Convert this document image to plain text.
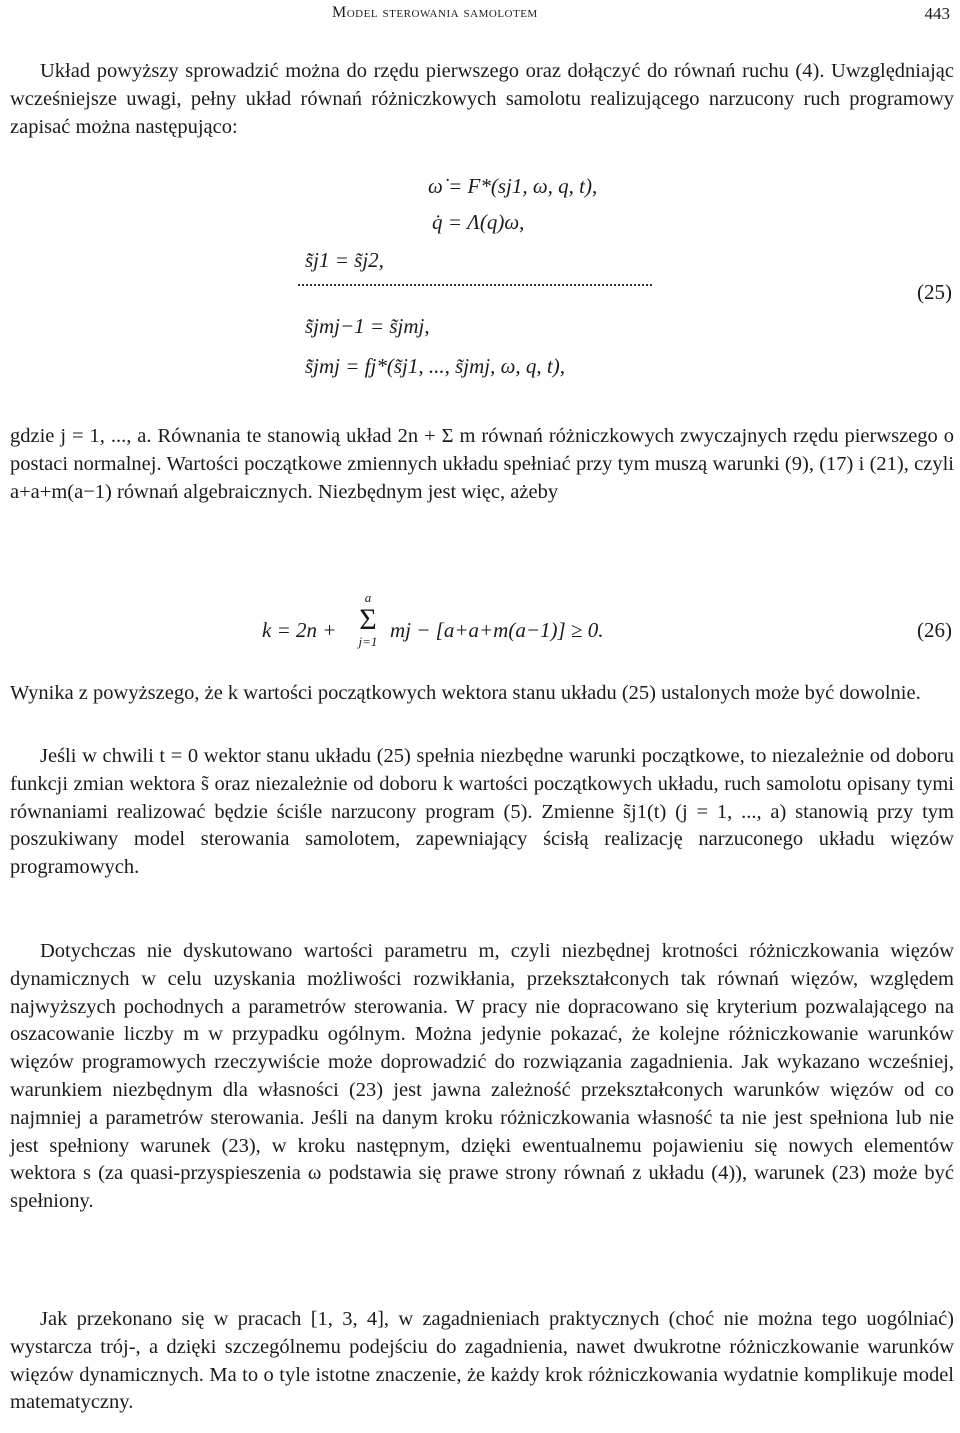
Model sterowania samolotem	443

Układ powyższy sprowadzić można do rzędu pierwszego oraz dołączyć do równań ruchu (4). Uwzględniając wcześniejsze uwagi, pełny układ równań różniczkowych samolotu realizującego narzucony ruch programowy zapisać można następująco:

ω̇ = F*(sj1, ω, q, t),
q̇ = Λ(q)ω,
s̃̇j1 = s̃j2,
(25)
s̃̇jmj−1 = s̃jmj,
s̃̇jmj = fj*(s̃j1, ..., s̃jmj, ω, q, t),
gdzie j = 1, ..., a. Równania te stanowią układ 2n + Σ m równań różniczkowych zwyczajnych rzędu pierwszego o postaci normalnej. Wartości początkowe zmiennych układu spełniać przy tym muszą warunki (9), (17) i (21), czyli a+a+m(a−1) równań algebraicznych. Niezbędnym jest więc, ażeby
k = 2n +
a
Σ
j=1 mj − [a+a+m(a−1)] ≥ 0.	(26)

Wynika z powyższego, że k wartości początkowych wektora stanu układu (25) ustalonych może być dowolnie.

Jeśli w chwili t = 0 wektor stanu układu (25) spełnia niezbędne warunki początkowe, to niezależnie od doboru funkcji zmian wektora s̃ oraz niezależnie od doboru k wartości początkowych układu, ruch samolotu opisany tymi równaniami realizować będzie ściśle narzucony program (5). Zmienne s̃j1(t) (j = 1, ..., a) stanowią przy tym poszukiwany model sterowania samolotem, zapewniający ścisłą realizację narzuconego układu więzów programowych.

Dotychczas nie dyskutowano wartości parametru m, czyli niezbędnej krotności różniczkowania więzów dynamicznych w celu uzyskania możliwości rozwikłania, przekształconych tak równań więzów, względem najwyższych pochodnych a parametrów sterowania. W pracy nie dopracowano się kryterium pozwalającego na oszacowanie liczby m w przypadku ogólnym. Można jedynie pokazać, że kolejne różniczkowanie warunków więzów programowych rzeczywiście może doprowadzić do rozwiązania zagadnienia. Jak wykazano wcześniej, warunkiem niezbędnym dla własności (23) jest jawna zależność przekształconych warunków więzów od co najmniej a parametrów sterowania. Jeśli na danym kroku różniczkowania własność ta nie jest spełniona lub nie jest spełniony warunek (23), w kroku następnym, dzięki ewentualnemu pojawieniu się nowych elementów wektora s (za quasi-przyspieszenia ω podstawia się prawe strony równań z układu (4)), warunek (23) może być spełniony.

Jak przekonano się w pracach [1, 3, 4], w zagadnieniach praktycznych (choć nie można tego uogólniać) wystarcza trój-, a dzięki szczególnemu podejściu do zagadnienia, nawet dwukrotne różniczkowanie warunków więzów dynamicznych. Ma to o tyle istotne znaczenie, że każdy krok różniczkowania wydatnie komplikuje model matematyczny.
